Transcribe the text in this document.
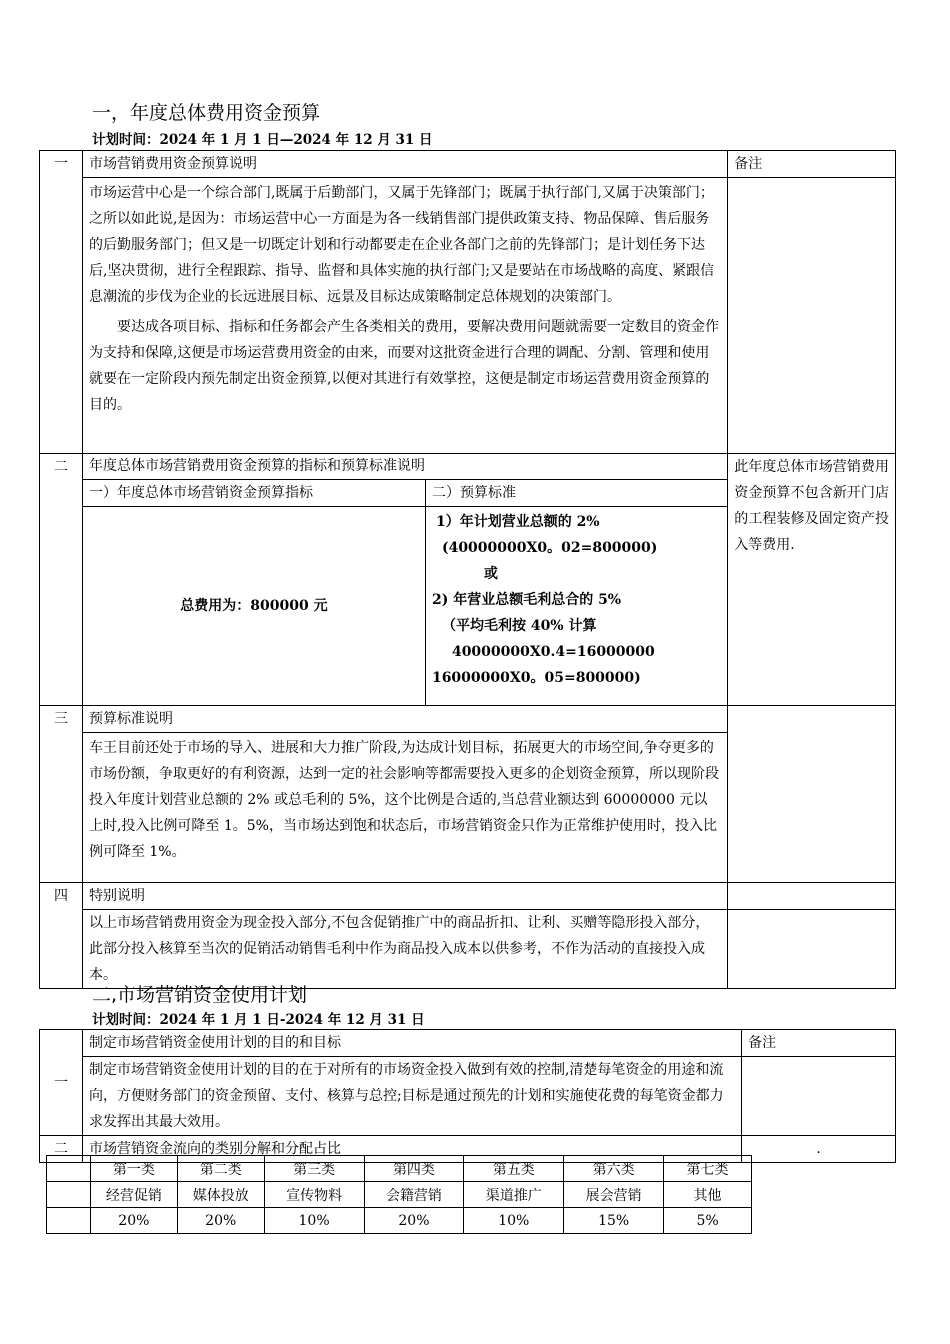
一，年度总体费用资金预算
计划时间：2024 年 1 月 1 日—2024 年 12 月 31 日
一	市场营销费用资金预算说明	备注

市场运营中心是一个综合部门,既属于后勤部门，又属于先锋部门；既属于执行部门,又属于决策部门；之所以如此说,是因为：市场运营中心一方面是为各一线销售部门提供政策支持、物品保障、售后服务的后勤服务部门；但又是一切既定计划和行动都要走在企业各部门之前的先锋部门；是计划任务下达后,坚决贯彻，进行全程跟踪、指导、监督和具体实施的执行部门;又是要站在市场战略的高度、紧跟信息潮流的步伐为企业的长远进展目标、远景及目标达成策略制定总体规划的决策部门。
要达成各项目标、指标和任务都会产生各类相关的费用，要解决费用问题就需要一定数目的资金作为支持和保障,这便是市场运营费用资金的由来，而要对这批资金进行合理的调配、分割、管理和使用就要在一定阶段内预先制定出资金预算,以便对其进行有效掌控，这便是制定市场运营费用资金预算的目的。

二	年度总体市场营销费用资金预算的指标和预算标准说明
一）年度总体市场营销资金预算指标	二）预算标准
总费用为：800000 元	
1）年计划营业总额的 2%
(40000000X0。02=800000)
或
2) 年营业总额毛利总合的 5%
（平均毛利按 40% 计算
40000000X0.4=16000000
16000000X0。05=800000)
	此年度总体市场营销费用资金预算不包含新开门店的工程装修及固定资产投入等费用.
三	预算标准说明	

车王目前还处于市场的导入、进展和大力推广阶段,为达成计划目标，拓展更大的市场空间,争夺更多的市场份额，争取更好的有利资源，达到一定的社会影响等都需要投入更多的企划资金预算，所以现阶段投入年度计划营业总额的 2% 或总毛利的 5%，这个比例是合适的,当总营业额达到 60000000 元以上时,投入比例可降至 1。5%，当市场达到饱和状态后，市场营销资金只作为正常维护使用时，投入比例可降至 1%。

四	特别说明	

以上市场营销费用资金为现金投入部分,不包含促销推广中的商品折扣、让利、买赠等隐形投入部分，此部分投入核算至当次的促销活动销售毛利中作为商品投入成本以供参考，不作为活动的直接投入成本。

二,市场营销资金使用计划
计划时间：2024 年 1 月 1 日-2024 年 12 月 31 日
一	制定市场营销资金使用计划的目的和目标	备注

	制定市场营销资金使用计划的目的在于对所有的市场资金投入做到有效的控制,清楚每笔资金的用途和流向，方便财务部门的资金预留、支付、核算与总控;目标是通过预先的计划和实施使花费的每笔资金都力求发挥出其最大效用。	

二	市场营销资金流向的类别分解和分配占比	.
	第一类	第二类	第三类	第四类	第五类	第六类	第七类
	经营促销	媒体投放	宣传物料	会籍营销	渠道推广	展会营销	其他
	20%	20%	10%	20%	10%	15%	5%
